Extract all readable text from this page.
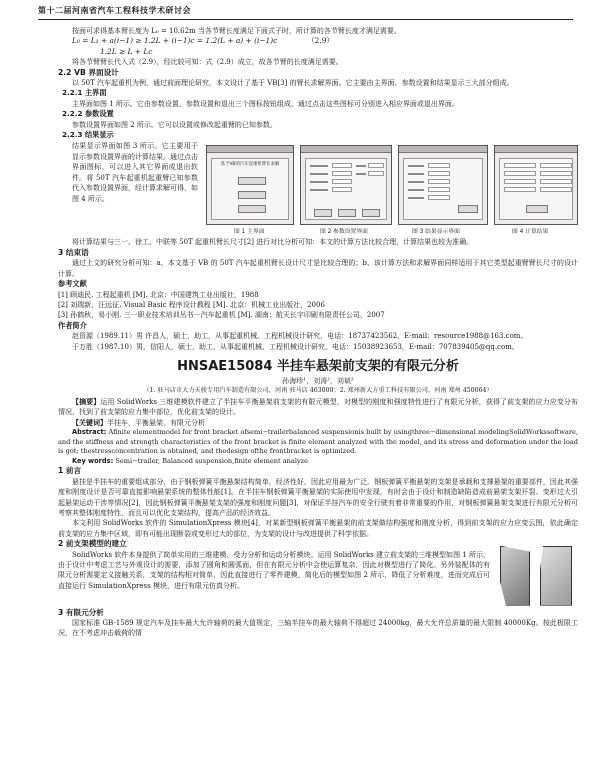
第十二届河南省汽车工程科技学术研讨会

按面可求得基本臂长度为 L₀ = 10.62m 当各节臂长度满足下面式子时，所计算的各节臂长度才满足需要。

L₀ = L₁ + a(i−1) ≥ 1.2L + (i−1)c = 1.2(L + a) + (i−1)c	（2.9）
1.2L ≥ L + Lc

将各节臂臂长代入式（2.9），经比较可知：式（2.9）成立，故各节臂的长度满足需要。

2.2 VB 界面设计

以 50T 汽车起重机为例，通过前面理论研究，本文设计了基于 VB[3] 的臂长求解界面。它主要由主界面、参数设置和结果显示三大部分组成。

2.2.1 主界面

主界面如图 1 所示。它由参数设置、参数设置和退出三个图标按钮组成，通过点击这些图标可分别进入相应界面或退出界面。

2.2.2 参数设置

参数设置界面如图 2 所示。它可以设置或修改起重臂的已知参数。

2.2.3 结果显示

结果显示界面如图 3 所示。它主要用于显示参数设置界面的计算结果。通过点击界面图标，可以进入其它界面或退出软件。将 50T 汽车起重机起重臂已知参数代入参数设置界面，经计算求解可得，如图 4 所示。

基于VB的汽车起重机臂长求解
图 1 主界面	图 2 参数设置界面	图 3 结果显示界面	图 4 计算结果

将计算结果与三一、徐工、中联等 50T 起重机臂长尺寸[2] 进行对比分析可知：本文的计算方法比较合理，计算结果也较为准确。

3 结束语

通过上文的研究分析可知：a、本文基于 VB 的 50T 汽车起重机臂长设计尺寸是比较合理的；b、该计算方法和求解界面同样适用于其它类型起重臂臂长尺寸的设计计算。

参考文献

[1] 顾迪民. 工程起重机 [M]. 北京：中国建筑工业出版社，1988

[2] 刘瑞新，汪远征. Visual Basic 程序设计教程 [M]. 北京：机械工业出版社，2006

[3] 孙鹤秋，易小刚. 三一职业技术培训丛书－汽车起重机 [M]. 湖南：航天长宇印刷有限责任公司，2007

作者简介

赵资源（1989.11）男 许昌人，硕士，助工，从事起重机械、工程机械设计研究，电话：18737423562，E-mail：resource1988@163.com。

于万胜（1987.10）男，信阳人，硕士，助工，从事起重机械、工程机械设计研究，电话：15038923653，E-mail：707839405@qq.com。

HNSAE15084 半挂车悬架前支架的有限元分析
孙海珍¹，刘涛²，刘斌²
（1. 驻马店市大力天骏专用汽车制造有限公司，河南 驻马店 463000；2. 郑州新大方重工科技有限公司，河南 郑州 450064）

【摘要】运用 SolidWorks 三维建模软件建立了半挂车平衡悬架前支架的有限元模型，对模型的刚度和强度特性进行了有限元分析，获得了前支架的应力应变分布情况，找到了前支架的应力集中部位，优化前支架的设计。

【关键词】半挂车，平衡悬架，有限元分析

Abstract: Afinite elementmodel for front bracket ofsemi−trailerbalanced suspensionis built by usingthree−dimensional modelingSolidWorkssoftware, and the stiffness and strength characteristics of the front bracket is finite element analyzed with the model, and its stress and deformation under the load is got; thestressconcentration is obtained, and thedesign ofthe frontbracket is optimized.

Key words: Semi−trailer, Balanced suspension,finite element analyze

1 前言

悬挂是半挂车的重要组成部分，由于钢板弹簧平衡悬架结构简单，经济性好，因此应用最为广泛。钢板弹簧平衡悬架的支架是承载和支撑悬架的重要部件，因此其强度和刚度设计是否可靠直接影响悬架系统的整体性能[1]。在半挂车钢板弹簧平衡悬架的实际使用中发现，有时会由于设计和制造缺陷造成前悬架支架开裂、变形过大引起悬架运动干涉等情况[2]，因此钢板弹簧平衡悬架支架的强度和刚度问题[3]，对保证半挂汽车的安全行驶有着非常重要的作用，对钢板弹簧悬架支架进行有限元分析可考察其整体刚度特性，而且可以优化支架结构，提高产品的经济效益。

本文利用 SolidWorks 软件的 SimulationXpress 模块[4]，对某新型钢板弹簧平衡悬架的前支架做结构强度和刚度分析，得到前支架的应力应变云图，依此确定前支架的应力集中区域，即有可能出现断裂或变形过大的部位，为支架的设计与改进提供了科学依据。

2 前支架模型的建立

SolidWorks 软件本身提供了简单实用的三维建模、受力分析和运动分析模块。运用 SolidWorks 建立前支架的三维模型如图 1 所示，由于设计中考虑工艺与外观设计的需要，添加了圆角和圆弧面，但在有限元分析中会使运算复杂，因此对模型进行了简化。另外装配体的有限元分析需要定义接触关系，支架的结构相对简单，因此直接进行了零件建模，简化后的模型如图 2 所示，降低了分析难度，进而完成后可直接运行 SimulationXpress 模块，进行有限元仿真分析。

3 有限元分析

国家标准 GB-1589 规定汽车及挂车最大允许轴荷的最大值规定，三轴半挂车的最大轴荷不得超过 24000kg，最大允许总质量的最大限制 40000Kg。按此极限工况，在不考虑冲击载荷的情
